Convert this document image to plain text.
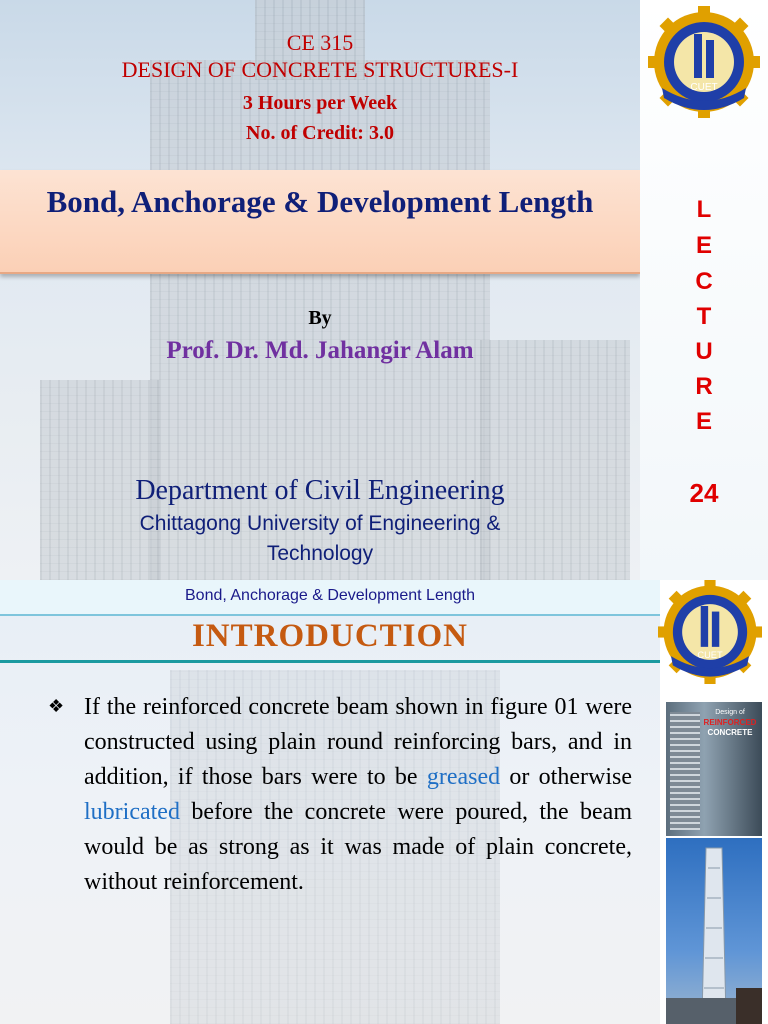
CE 315
DESIGN OF CONCRETE STRUCTURES-I
3 Hours per Week
No. of Credit: 3.0
Bond, Anchorage & Development Length
By
Prof. Dr. Md. Jahangir Alam
Department of Civil Engineering
Chittagong University of Engineering &
Technology
CUET
L
E
C
T
U
R
E
24
Bond, Anchorage & Development Length
INTRODUCTION
❖ If the reinforced concrete beam shown in figure 01 were constructed using plain round reinforcing bars, and in addition, if those bars were to be greased or otherwise lubricated before the concrete were poured, the beam would be as strong as it was made of plain concrete, without reinforcement.
CUET
Design of
REINFORCED
CONCRETE
